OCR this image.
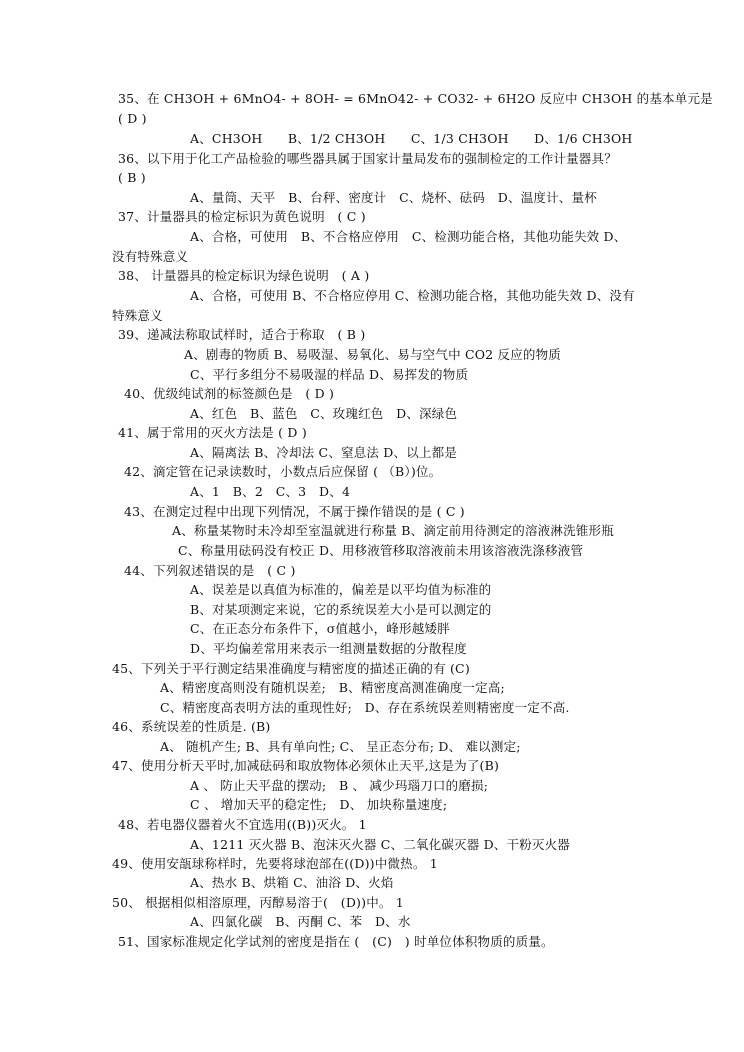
35、在 CH3OH + 6MnO4- + 8OH- = 6MnO42- + CO32- + 6H2O 反应中 CH3OH 的基本单元是
( D )
A、CH3OH　　B、1/2 CH3OH　　C、1/3 CH3OH　　D、1/6 CH3OH
36、以下用于化工产品检验的哪些器具属于国家计量局发布的强制检定的工作计量器具？
( B )
A、量筒、天平　B、台秤、密度计　C、烧杯、砝码　D、温度计、量杯
37、计量器具的检定标识为黄色说明　( C )
A、合格，可使用　B、不合格应停用　C、检测功能合格，其他功能失效 D、
没有特殊意义
38、 计量器具的检定标识为绿色说明　( A )
A、合格，可使用 B、不合格应停用 C、检测功能合格，其他功能失效 D、没有
特殊意义
39、递减法称取试样时，适合于称取　( B )
A、剧毒的物质 B、易吸湿、易氧化、易与空气中 CO2 反应的物质
C、平行多组分不易吸湿的样品 D、易挥发的物质
40、优级纯试剂的标签颜色是　( D )
A、红色　B、蓝色　C、玫瑰红色　D、深绿色
41、属于常用的灭火方法是 ( D )
A、隔离法 B、冷却法 C、窒息法 D、以上都是
42、滴定管在记录读数时，小数点后应保留 ( （B）)位。
A、1　B、2　C、3　D、4
43、在测定过程中出现下列情况，不属于操作错误的是 ( C )
A、称量某物时未冷却至室温就进行称量 B、滴定前用待测定的溶液淋洗锥形瓶
C、称量用砝码没有校正 D、用移液管移取溶液前未用该溶液洗涤移液管
44、下列叙述错误的是　( C )
A、误差是以真值为标准的，偏差是以平均值为标准的
B、对某项测定来说，它的系统误差大小是可以测定的
C、在正态分布条件下，σ值越小，峰形越矮胖
D、平均偏差常用来表示一组测量数据的分散程度
45、下列关于平行测定结果准确度与精密度的描述正确的有 (C)
A、精密度高则没有随机误差;　B、精密度高测准确度一定高;
C、精密度高表明方法的重现性好;　D、存在系统误差则精密度一定不高.
46、系统误差的性质是. (B)
A、 随机产生; B、具有单向性; C、 呈正态分布; D、 难以测定;
47、使用分析天平时,加减砝码和取放物体必须休止天平,这是为了(B)
A 、 防止天平盘的摆动;　B 、 减少玛瑙刀口的磨损;
C 、 增加天平的稳定性;　D、 加块称量速度;
48、若电器仪器着火不宜选用((B))灭火。 1
A、1211 灭火器 B、泡沫灭火器 C、二氧化碳灭器 D、干粉灭火器
49、使用安瓿球称样时，先要将球泡部在((D))中微热。 1
A、热水 B、烘箱 C、油浴 D、火焰
50、 根据相似相溶原理，丙醇易溶于(　(D))中。 1
A、四氯化碳　B、丙酮 C、苯　D、水
51、国家标准规定化学试剂的密度是指在 (　(C)　) 时单位体积物质的质量。
